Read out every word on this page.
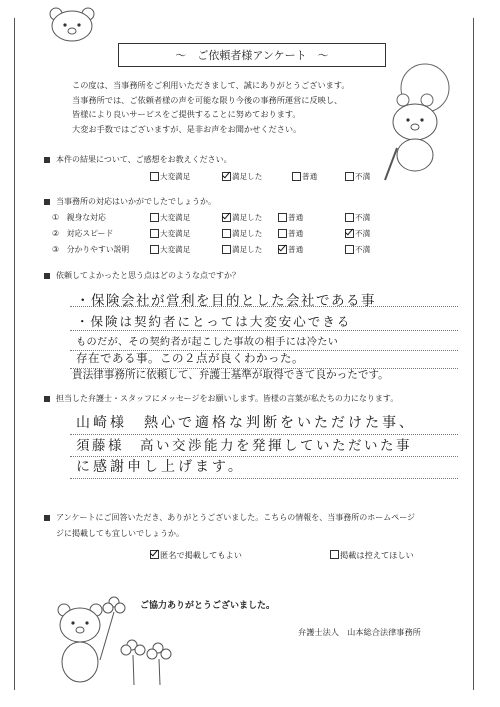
〜　ご依頼者様アンケート　〜
この度は、当事務所をご利用いただきまして、誠にありがとうございます。
当事務所では、ご依頼者様の声を可能な限り今後の事務所運営に反映し、
皆様により良いサービスをご提供することに努めております。
大変お手数ではございますが、是非お声をお聞かせください。
本件の結果について、ご感想をお教えください。
大変満足	満足した	普通	不満
当事務所の対応はいかがでしたでしょうか。
①　 親身な対応	大変満足	満足した	普通	不満
②　 対応スピード	大変満足	満足した	普通	不満
③　 分かりやすい説明	大変満足	満足した	普通	不満
依頼してよかったと思う点はどのような点ですか？
・保険会社が営利を目的とした会社である事
・保険は契約者にとっては大変安心できる
ものだが、その契約者が起こした事故の相手には冷たい
存在である事。この２点が良くわかった。
貴法律事務所に依頼して、弁護士基準が取得できて良かったです。
担当した弁護士・スタッフにメッセージをお願いします。皆様の言葉が私たちの力になります。
山崎様　熱心で適格な判断をいただけた事、
須藤様　高い交渉能力を発揮していただいた事
に感謝申し上げます。
アンケートにご回答いただき、ありがとうございました。こちらの情報を、当事務所のホームページ
ジに掲載しても宜しいでしょうか。
匿名で掲載してもよい	掲載は控えてほしい
ご協力ありがとうございました。
弁護士法人　山本総合法律事務所
